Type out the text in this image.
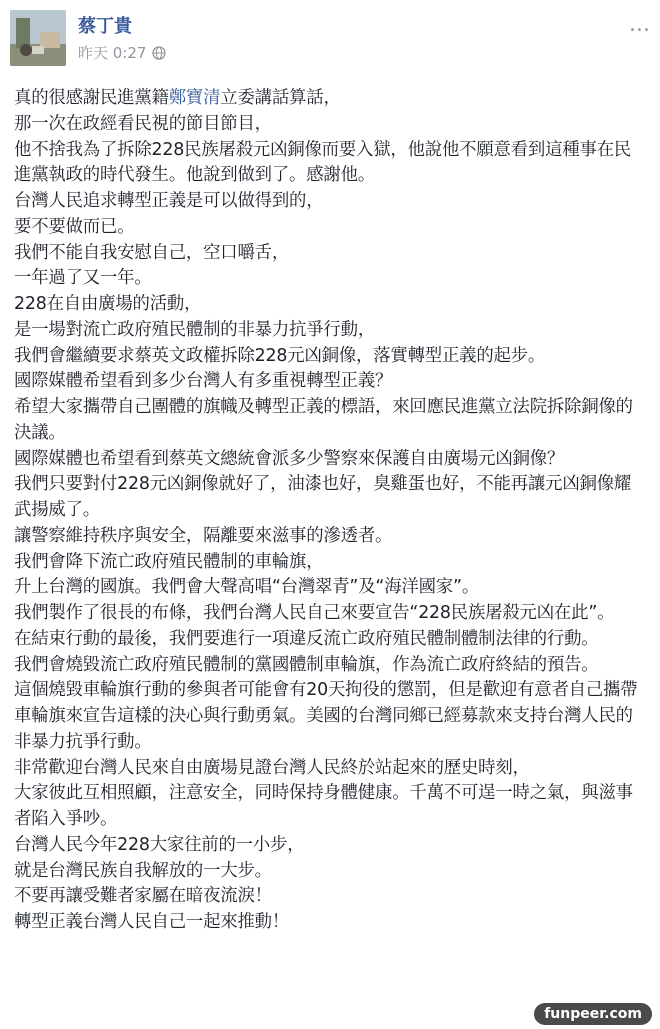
蔡丁貴
昨天 0:27
...

真的很感謝民進黨籍鄭寶清立委講話算話，

那一次在政經看民視的節目節目，

他不捨我為了拆除228民族屠殺元凶銅像而要入獄，他說他不願意看到這種事在民進黨執政的時代發生。他說到做到了。感謝他。

台灣人民追求轉型正義是可以做得到的，

要不要做而已。

我們不能自我安慰自己，空口嚼舌，

一年過了又一年。

228在自由廣場的活動，

是一場對流亡政府殖民體制的非暴力抗爭行動，

我們會繼續要求蔡英文政權拆除228元凶銅像，落實轉型正義的起步。

國際媒體希望看到多少台灣人有多重視轉型正義？

希望大家攜帶自己團體的旗幟及轉型正義的標語，來回應民進黨立法院拆除銅像的決議。

國際媒體也希望看到蔡英文總統會派多少警察來保護自由廣場元凶銅像？

我們只要對付228元凶銅像就好了，油漆也好，臭雞蛋也好，不能再讓元凶銅像耀武揚威了。

讓警察維持秩序與安全，隔離要來滋事的滲透者。

我們會降下流亡政府殖民體制的車輪旗，

升上台灣的國旗。我們會大聲高唱“台灣翠青”及“海洋國家”。

我們製作了很長的布條，我們台灣人民自己來要宣告“228民族屠殺元凶在此”。

在結束行動的最後，我們要進行一項違反流亡政府殖民體制體制法律的行動。

我們會燒毀流亡政府殖民體制的黨國體制車輪旗，作為流亡政府終結的預告。

這個燒毀車輪旗行動的參與者可能會有20天拘役的懲罰，但是歡迎有意者自己攜帶車輪旗來宣告這樣的決心與行動勇氣。美國的台灣同鄉已經募款來支持台灣人民的非暴力抗爭行動。

非常歡迎台灣人民來自由廣場見證台灣人民終於站起來的歷史時刻，

大家彼此互相照顧，注意安全，同時保持身體健康。千萬不可逞一時之氣，與滋事者陷入爭吵。

台灣人民今年228大家往前的一小步，

就是台灣民族自我解放的一大步。

不要再讓受難者家屬在暗夜流淚！

轉型正義台灣人民自己一起來推動！

funpeer.com
